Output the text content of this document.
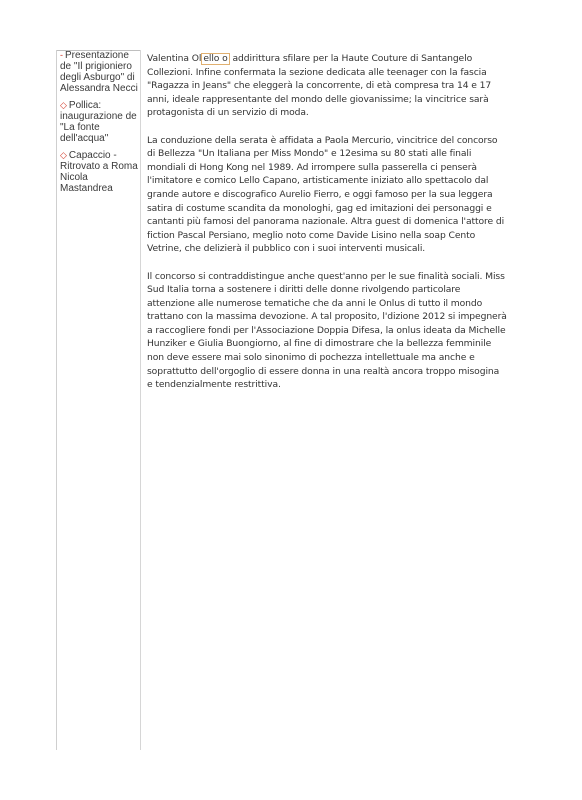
- Presentazione de "Il prigioniero degli Asburgo" di Alessandra Necci
◇ Pollica: inaugurazione de "La fonte dell'acqua"
◇ Capaccio - Ritrovato a Roma Nicola Mastandrea

Valentina Ol ello o addirittura sfilare per la Haute Couture di Santangelo Collezioni. Infine confermata la sezione dedicata alle teenager con la fascia "Ragazza in Jeans" che eleggerà la concorrente, di età compresa tra 14 e 17 anni, ideale rappresentante del mondo delle giovanissime; la vincitrice sarà protagonista di un servizio di moda.

La conduzione della serata è affidata a Paola Mercurio, vincitrice del concorso di Bellezza "Un Italiana per Miss Mondo" e 12esima su 80 stati alle finali mondiali di Hong Kong nel 1989. Ad irrompere sulla passerella ci penserà l'imitatore e comico Lello Capano, artisticamente iniziato allo spettacolo dal grande autore e discografico Aurelio Fierro, e oggi famoso per la sua leggera satira di costume scandita da monologhi, gag ed imitazioni dei personaggi e cantanti più famosi del panorama nazionale. Altra guest di domenica l'attore di fiction Pascal Persiano, meglio noto come Davide Lisino nella soap Cento Vetrine, che delizierà il pubblico con i suoi interventi musicali.

Il concorso si contraddistingue anche quest'anno per le sue finalità sociali. Miss Sud Italia torna a sostenere i diritti delle donne rivolgendo particolare attenzione alle numerose tematiche che da anni le Onlus di tutto il mondo trattano con la massima devozione. A tal proposito, l'dizione 2012 si impegnerà a raccogliere fondi per l'Associazione Doppia Difesa, la onlus ideata da Michelle Hunziker e Giulia Buongiorno, al fine di dimostrare che la bellezza femminile non deve essere mai solo sinonimo di pochezza intellettuale ma anche e soprattutto dell'orgoglio di essere donna in una realtà ancora troppo misogina e tendenzialmente restrittiva.
